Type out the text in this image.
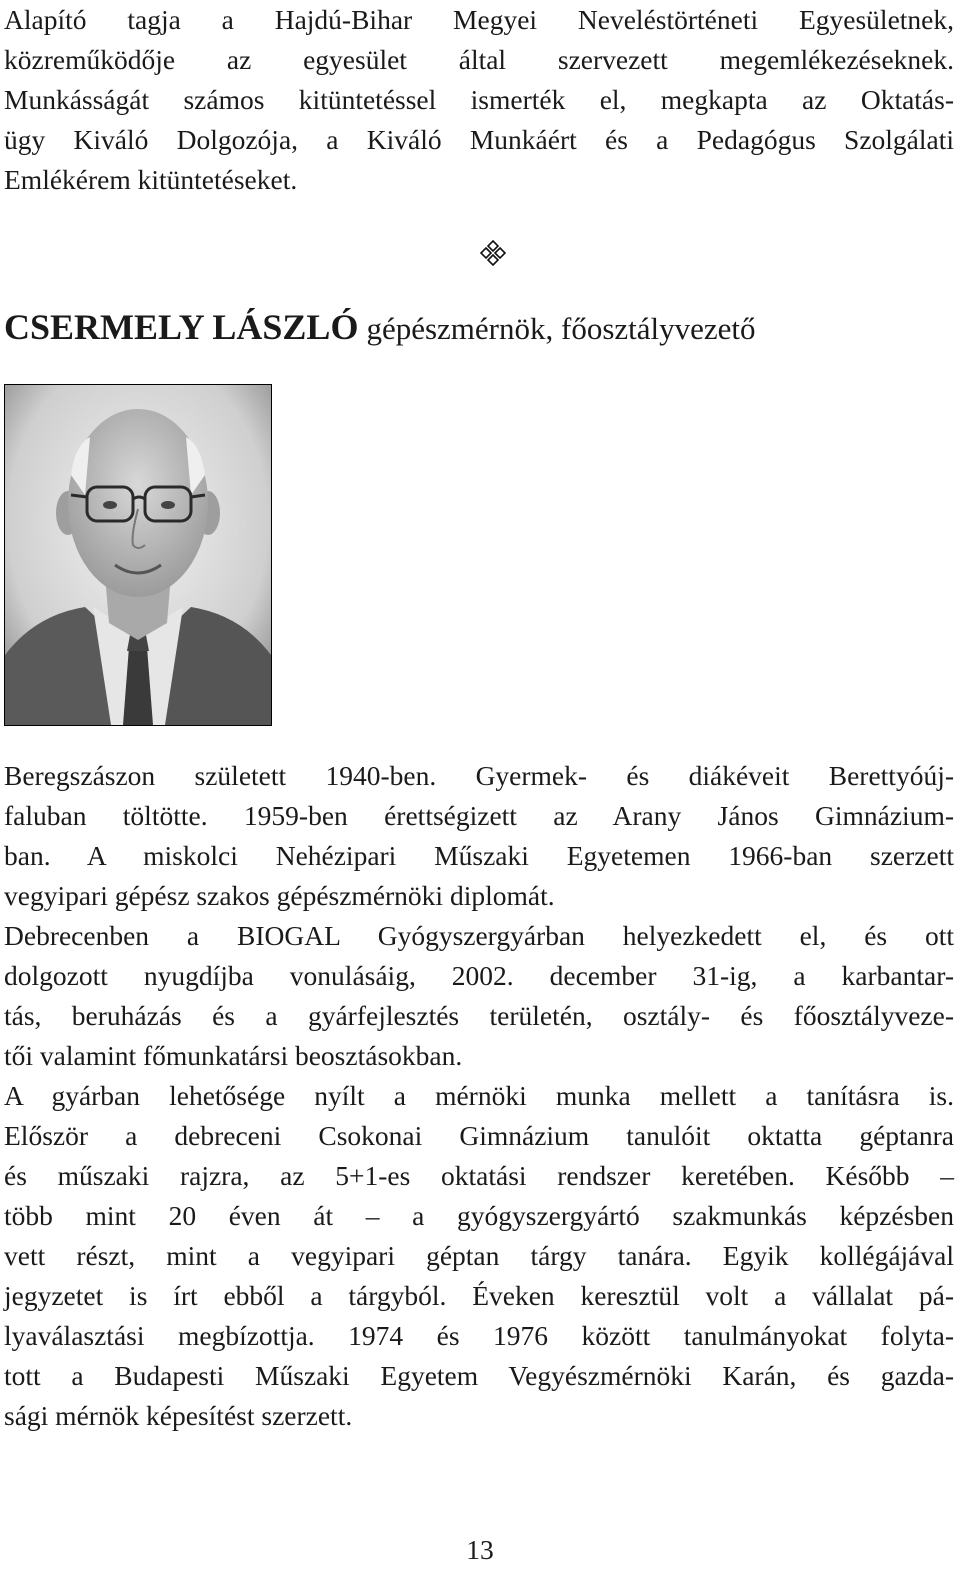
Alapító tagja a Hajdú-Bihar Megyei Neveléstörténeti Egyesületnek,
közreműködője az egyesület által szervezett megemlékezéseknek.
Munkásságát számos kitüntetéssel ismerték el, megkapta az Oktatás-
ügy Kiváló Dolgozója, a Kiváló Munkáért és a Pedagógus Szolgálati
Emlékérem kitüntetéseket.
CSERMELY LÁSZLÓ gépészmérnök, főosztályvezető
Beregszászon született 1940-ben. Gyermek- és diákéveit Berettyóúj-
faluban töltötte. 1959-ben érettségizett az Arany János Gimnázium-
ban. A miskolci Nehézipari Műszaki Egyetemen 1966-ban szerzett
vegyipari gépész szakos gépészmérnöki diplomát.
Debrecenben a BIOGAL Gyógyszergyárban helyezkedett el, és ott
dolgozott nyugdíjba vonulásáig, 2002. december 31-ig, a karbantar-
tás, beruházás és a gyárfejlesztés területén, osztály- és főosztályveze-
tői valamint főmunkatársi beosztásokban.
A gyárban lehetősége nyílt a mérnöki munka mellett a tanításra is.
Először a debreceni Csokonai Gimnázium tanulóit oktatta géptanra
és műszaki rajzra, az 5+1-es oktatási rendszer keretében. Később –
több mint 20 éven át – a gyógyszergyártó szakmunkás képzésben
vett részt, mint a vegyipari géptan tárgy tanára. Egyik kollégájával
jegyzetet is írt ebből a tárgyból. Éveken keresztül volt a vállalat pá-
lyaválasztási megbízottja. 1974 és 1976 között tanulmányokat folyta-
tott a Budapesti Műszaki Egyetem Vegyészmérnöki Karán, és gazda-
sági mérnök képesítést szerzett.
13
